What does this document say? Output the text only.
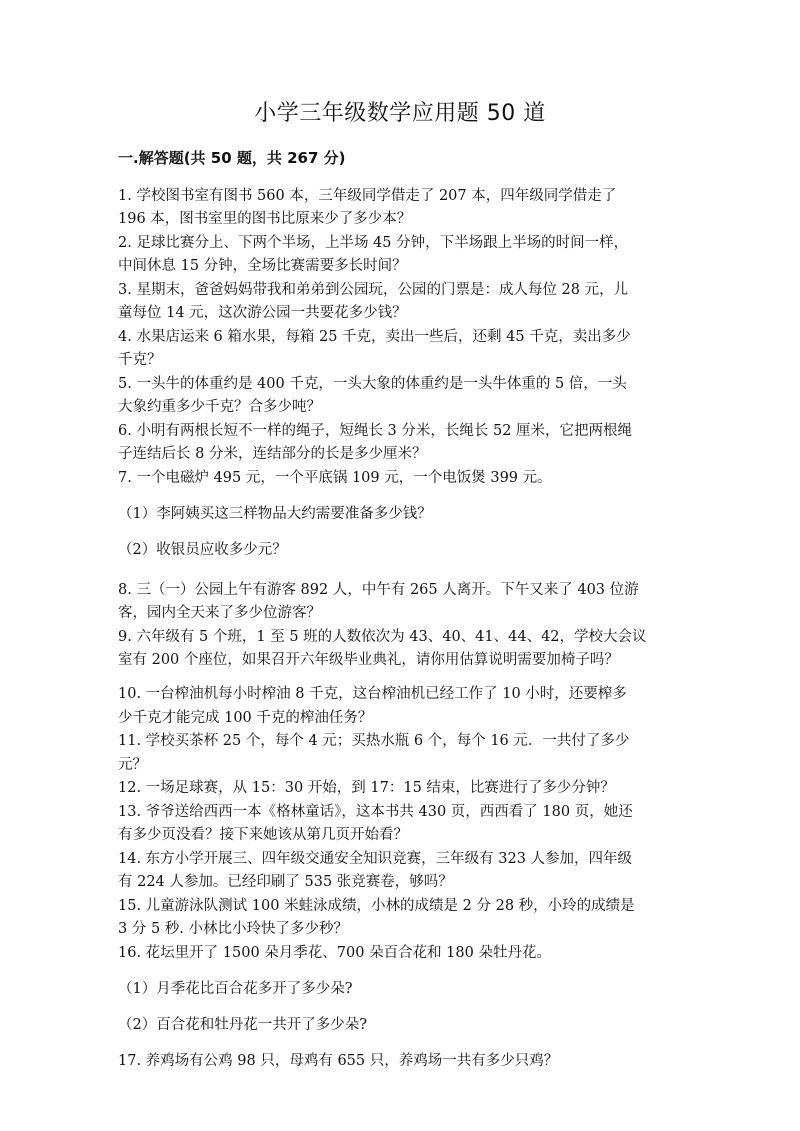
小学三年级数学应用题 50 道
一.解答题(共 50 题，共 267 分)
1. 学校图书室有图书 560 本，三年级同学借走了 207 本，四年级同学借走了
196 本，图书室里的图书比原来少了多少本？
2. 足球比赛分上、下两个半场，上半场 45 分钟，下半场跟上半场的时间一样，
中间休息 15 分钟，全场比赛需要多长时间？
3. 星期末，爸爸妈妈带我和弟弟到公园玩，公园的门票是：成人每位 28 元，儿
童每位 14 元，这次游公园一共要花多少钱？
4. 水果店运来 6 箱水果，每箱 25 千克，卖出一些后，还剩 45 千克，卖出多少
千克？
5. 一头牛的体重约是 400 千克，一头大象的体重约是一头牛体重的 5 倍，一头
大象约重多少千克？合多少吨？
6. 小明有两根长短不一样的绳子，短绳长 3 分米，长绳长 52 厘米，它把两根绳
子连结后长 8 分米，连结部分的长是多少厘米？
7. 一个电磁炉 495 元，一个平底锅 109 元，一个电饭煲 399 元。
（1）李阿姨买这三样物品大约需要准备多少钱？
（2）收银员应收多少元？
8. 三（一）公园上午有游客 892 人，中午有 265 人离开。下午又来了 403 位游
客，园内全天来了多少位游客？
9. 六年级有 5 个班，1 至 5 班的人数依次为 43、40、41、44、42，学校大会议
室有 200 个座位，如果召开六年级毕业典礼，请你用估算说明需要加椅子吗？
10. 一台榨油机每小时榨油 8 千克，这台榨油机已经工作了 10 小时，还要榨多
少千克才能完成 100 千克的榨油任务？
11. 学校买茶杯 25 个，每个 4 元；买热水瓶 6 个，每个 16 元．一共付了多少
元？
12. 一场足球赛，从 15：30 开始，到 17：15 结束，比赛进行了多少分钟？
13. 爷爷送给西西一本《格林童话》，这本书共 430 页，西西看了 180 页，她还
有多少页没看？接下来她该从第几页开始看？
14. 东方小学开展三、四年级交通安全知识竞赛，三年级有 323 人参加，四年级
有 224 人参加。已经印刷了 535 张竞赛卷，够吗？
15. 儿童游泳队测试 100 米蛙泳成绩，小林的成绩是 2 分 28 秒，小玲的成绩是
3 分 5 秒. 小林比小玲快了多少秒？
16. 花坛里开了 1500 朵月季花、700 朵百合花和 180 朵牡丹花。
（1）月季花比百合花多开了多少朵?
（2）百合花和牡丹花一共开了多少朵?
17. 养鸡场有公鸡 98 只，母鸡有 655 只，养鸡场一共有多少只鸡？
